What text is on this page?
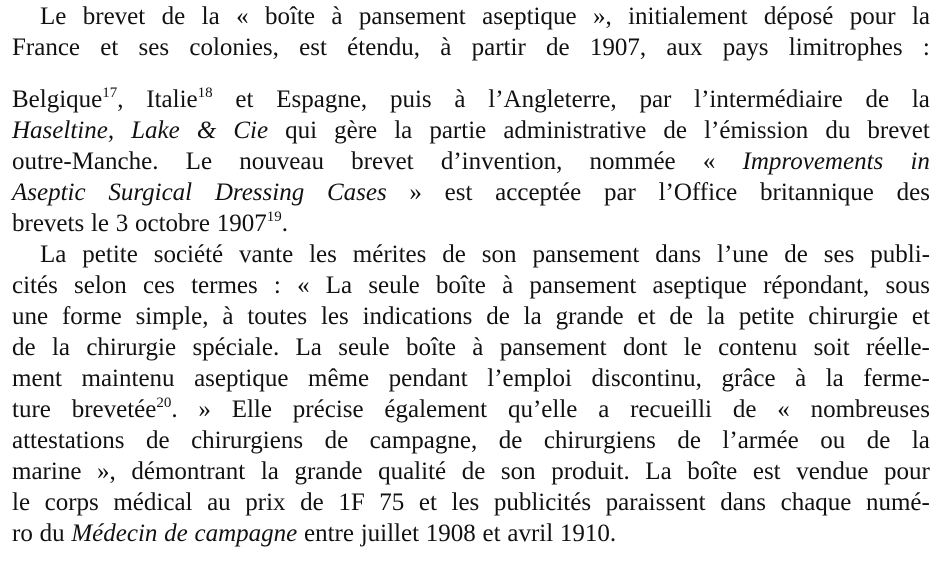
Le brevet de la « boîte à pansement aseptique », initialement déposé pour la
France et ses colonies, est étendu, à partir de 1907, aux pays limitrophes :
Belgique$^{17}$, Italie$^{18}$ et Espagne, puis à l’Angleterre, par l’intermédiaire de la
Haseltine, Lake & Cie qui gère la partie administrative de l’émission du brevet
outre-Manche. Le nouveau brevet d’invention, nommée « Improvements in
Aseptic Surgical Dressing Cases » est acceptée par l’Office britannique des
brevets le 3 octobre 1907$^{19}$.
La petite société vante les mérites de son pansement dans l’une de ses publi-
cités selon ces termes : « La seule boîte à pansement aseptique répondant, sous
une forme simple, à toutes les indications de la grande et de la petite chirurgie et
de la chirurgie spéciale. La seule boîte à pansement dont le contenu soit réelle-
ment maintenu aseptique même pendant l’emploi discontinu, grâce à la ferme-
ture brevetée$^{20}$. » Elle précise également qu’elle a recueilli de « nombreuses
attestations de chirurgiens de campagne, de chirurgiens de l’armée ou de la
marine », démontrant la grande qualité de son produit. La boîte est vendue pour
le corps médical au prix de 1F 75 et les publicités paraissent dans chaque numé-
ro du Médecin de campagne entre juillet 1908 et avril 1910.
